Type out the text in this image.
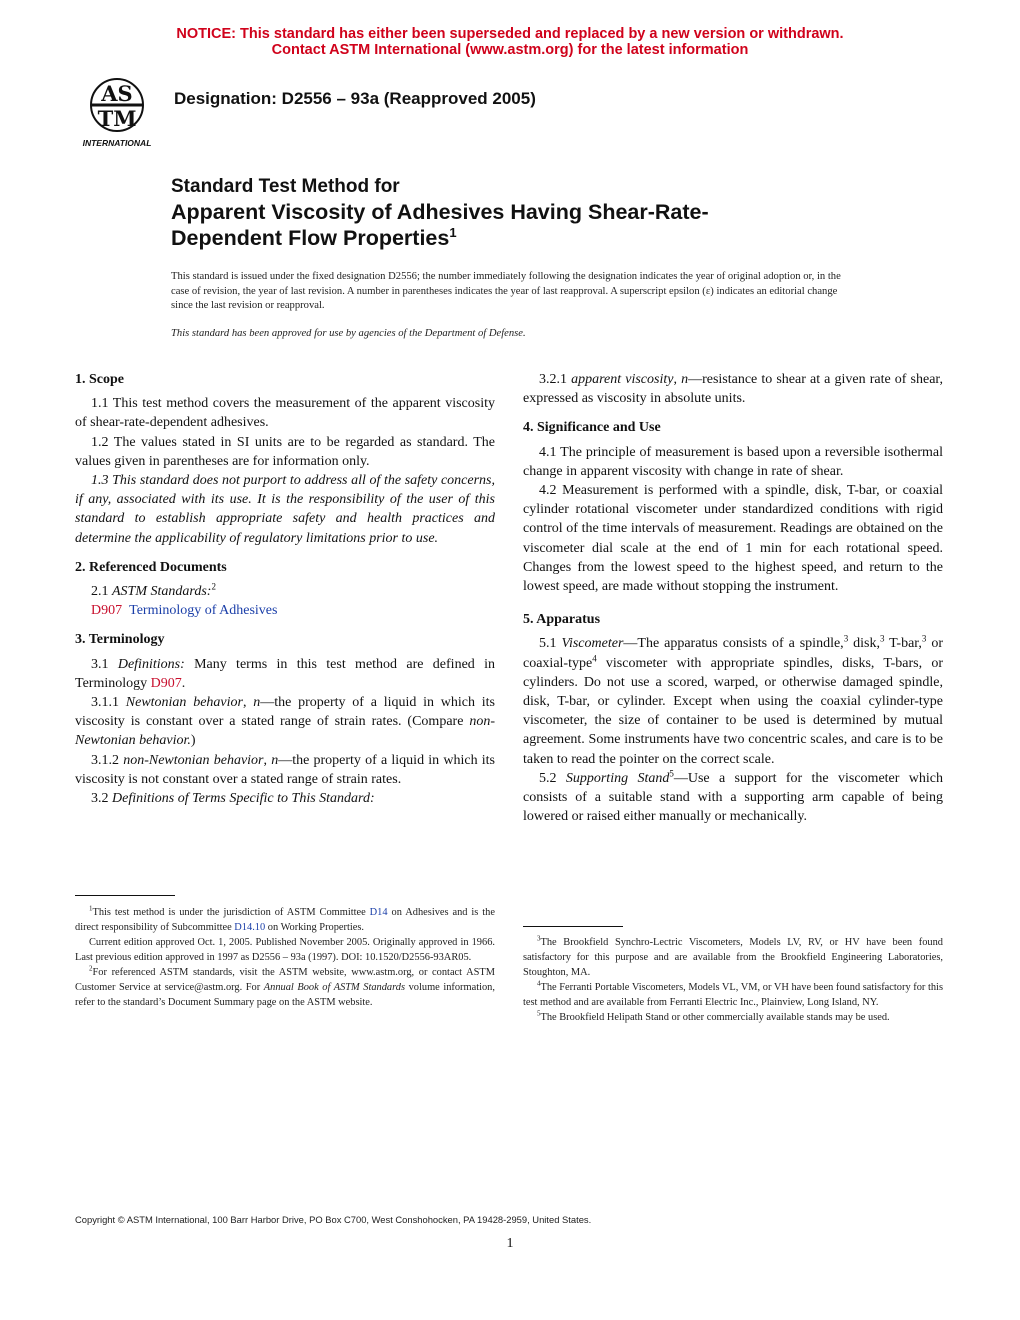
NOTICE: This standard has either been superseded and replaced by a new version or withdrawn.
Contact ASTM International (www.astm.org) for the latest information
AS
TM
INTERNATIONAL
Designation: D2556 – 93a (Reapproved 2005)
Standard Test Method for
Apparent Viscosity of Adhesives Having Shear-Rate-
Dependent Flow Properties$^1$
This standard is issued under the fixed designation D2556; the number immediately following the designation indicates the year of original adoption or, in the case of revision, the year of last revision. A number in parentheses indicates the year of last reapproval. A superscript epsilon (ε) indicates an editorial change since the last revision or reapproval.
This standard has been approved for use by agencies of the Department of Defense.

1. Scope

1.1 This test method covers the measurement of the apparent viscosity of shear-rate-dependent adhesives.

1.2 The values stated in SI units are to be regarded as standard. The values given in parentheses are for information only.

1.3 This standard does not purport to address all of the safety concerns, if any, associated with its use. It is the responsibility of the user of this standard to establish appropriate safety and health practices and determine the applicability of regulatory limitations prior to use.

2. Referenced Documents

2.1 ASTM Standards:$^2$

D907 Terminology of Adhesives

3. Terminology

3.1 Definitions: Many terms in this test method are defined in Terminology D907.

3.1.1 Newtonian behavior, n—the property of a liquid in which its viscosity is constant over a stated range of strain rates. (Compare non-Newtonian behavior.)

3.1.2 non-Newtonian behavior, n—the property of a liquid in which its viscosity is not constant over a stated range of strain rates.

3.2 Definitions of Terms Specific to This Standard:

$^1$This test method is under the jurisdiction of ASTM Committee D14 on Adhesives and is the direct responsibility of Subcommittee D14.10 on Working Properties.

Current edition approved Oct. 1, 2005. Published November 2005. Originally approved in 1966. Last previous edition approved in 1997 as D2556 – 93a (1997). DOI: 10.1520/D2556-93AR05.

$^2$For referenced ASTM standards, visit the ASTM website, www.astm.org, or contact ASTM Customer Service at service@astm.org. For Annual Book of ASTM Standards volume information, refer to the standard’s Document Summary page on the ASTM website.

3.2.1 apparent viscosity, n—resistance to shear at a given rate of shear, expressed as viscosity in absolute units.

4. Significance and Use

4.1 The principle of measurement is based upon a reversible isothermal change in apparent viscosity with change in rate of shear.

4.2 Measurement is performed with a spindle, disk, T-bar, or coaxial cylinder rotational viscometer under standardized conditions with rigid control of the time intervals of measurement. Readings are obtained on the viscometer dial scale at the end of 1 min for each rotational speed. Changes from the lowest speed to the highest speed, and return to the lowest speed, are made without stopping the instrument.

5. Apparatus

5.1 Viscometer—The apparatus consists of a spindle,$^3$ disk,$^3$ T-bar,$^3$ or coaxial-type$^4$ viscometer with appropriate spindles, disks, T-bars, or cylinders. Do not use a scored, warped, or otherwise damaged spindle, disk, T-bar, or cylinder. Except when using the coaxial cylinder-type viscometer, the size of container to be used is determined by mutual agreement. Some instruments have two concentric scales, and care is to be taken to read the pointer on the correct scale.

5.2 Supporting Stand$^5$—Use a support for the viscometer which consists of a suitable stand with a supporting arm capable of being lowered or raised either manually or mechanically.

$^3$The Brookfield Synchro-Lectric Viscometers, Models LV, RV, or HV have been found satisfactory for this purpose and are available from the Brookfield Engineering Laboratories, Stoughton, MA.

$^4$The Ferranti Portable Viscometers, Models VL, VM, or VH have been found satisfactory for this test method and are available from Ferranti Electric Inc., Plainview, Long Island, NY.

$^5$The Brookfield Helipath Stand or other commercially available stands may be used.

Copyright © ASTM International, 100 Barr Harbor Drive, PO Box C700, West Conshohocken, PA 19428-2959, United States.
1
